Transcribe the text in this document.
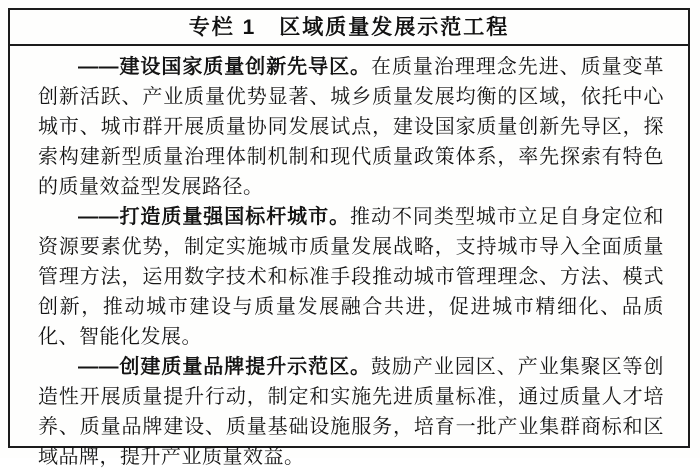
专栏 1　区域质量发展示范工程

——建设国家质量创新先导区。在质量治理理念先进、质量变革创新活跃、产业质量优势显著、城乡质量发展均衡的区域，依托中心城市、城市群开展质量协同发展试点，建设国家质量创新先导区，探索构建新型质量治理体制机制和现代质量政策体系，率先探索有特色的质量效益型发展路径。

——打造质量强国标杆城市。推动不同类型城市立足自身定位和资源要素优势，制定实施城市质量发展战略，支持城市导入全面质量管理方法，运用数字技术和标准手段推动城市管理理念、方法、模式创新，推动城市建设与质量发展融合共进，促进城市精细化、品质化、智能化发展。

——创建质量品牌提升示范区。鼓励产业园区、产业集聚区等创造性开展质量提升行动，制定和实施先进质量标准，通过质量人才培养、质量品牌建设、质量基础设施服务，培育一批产业集群商标和区域品牌，提升产业质量效益。
